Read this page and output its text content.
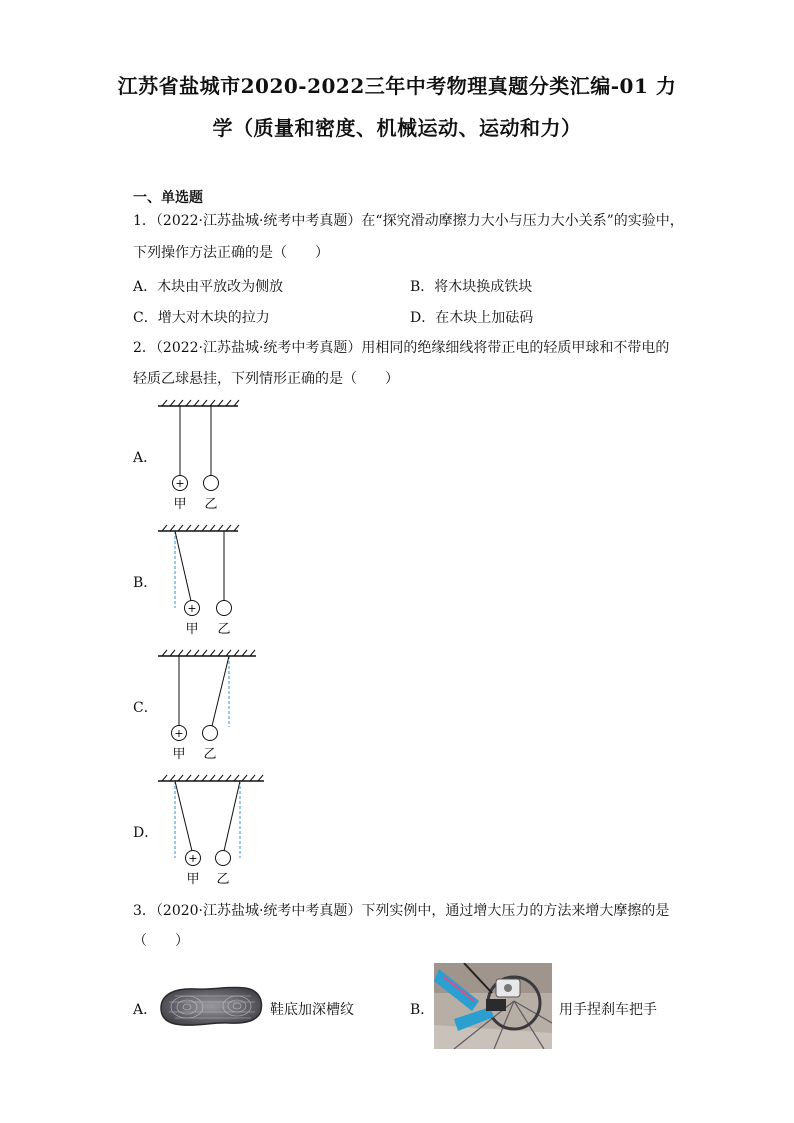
江苏省盐城市2020-2022三年中考物理真题分类汇编-01 力
学（质量和密度、机械运动、运动和力）
一、单选题
1．（2022·江苏盐城·统考中考真题）在“探究滑动摩擦力大小与压力大小关系”的实验中，
下列操作方法正确的是（　　）
A．木块由平放改为侧放	B．将木块换成铁块
C．增大对木块的拉力	D．在木块上加砝码
2．（2022·江苏盐城·统考中考真题）用相同的绝缘细线将带正电的轻质甲球和不带电的
轻质乙球悬挂，下列情形正确的是（　　）
A．
+
甲 乙
B．
+
甲 乙
C．
+
甲 乙
D．
+
甲 乙
3．（2020·江苏盐城·统考中考真题）下列实例中，通过增大压力的方法来增大摩擦的是
（　　）
A．	鞋底加深槽纹	B．	用手捏刹车把手
